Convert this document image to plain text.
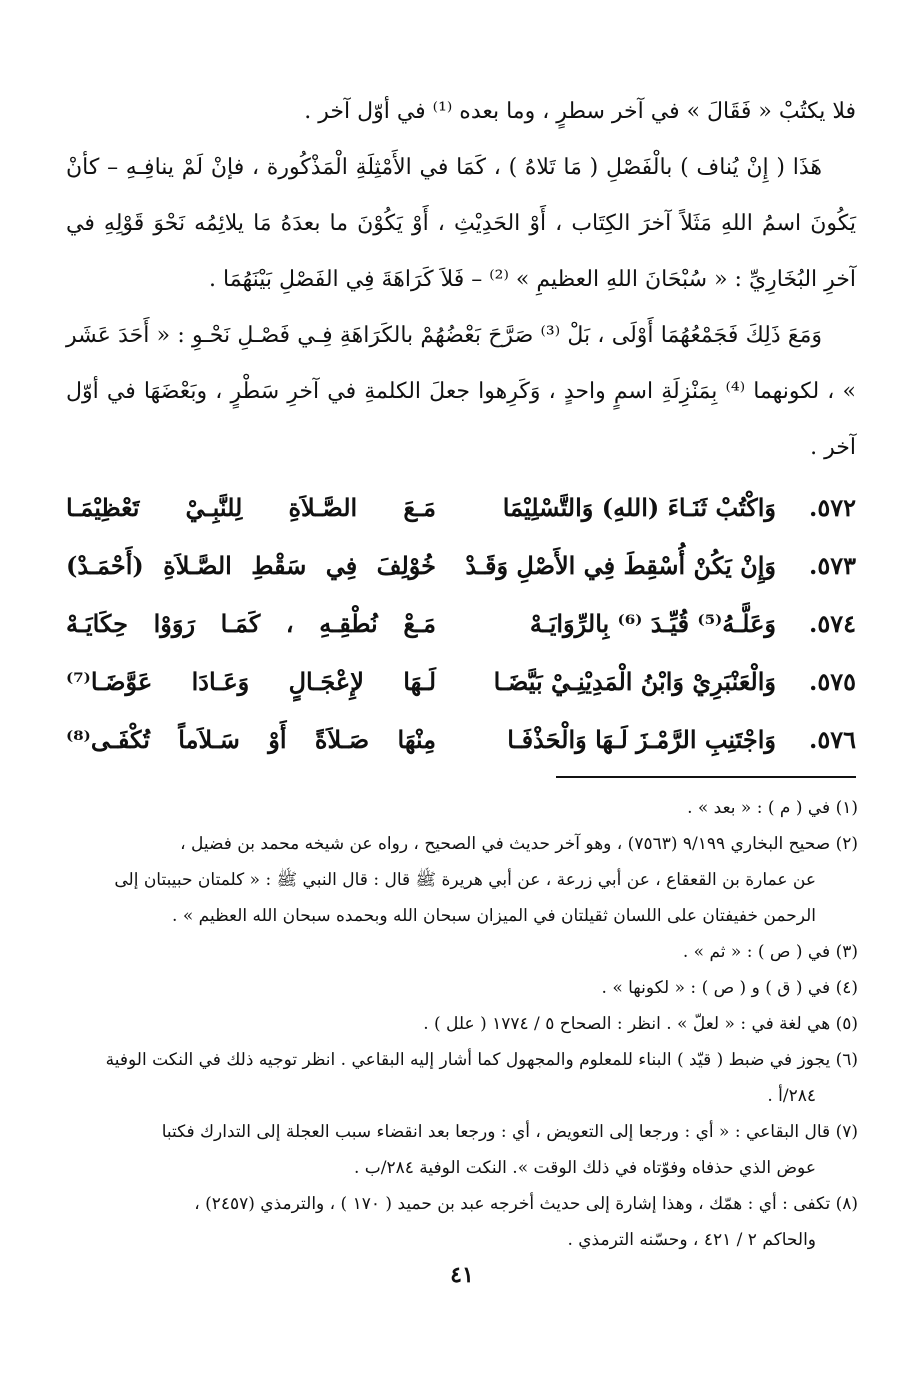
فلا يكتُبْ « فَقَالَ » في آخر سطرٍ ، وما بعده ⁽¹⁾ في أوّل آخر .

هَذَا ( إِنْ يُناف ) بالْفَصْلِ ( مَا تَلاهُ ) ، كَمَا في الأَمْثِلَةِ الْمَذْكُورة ، فإنْ لَمْ ينافِـهِ – كأنْ يَكُونَ اسمُ اللهِ مَثَلاً آخرَ الكِتَاب ، أَوْ الحَدِيْثِ ، أَوْ يَكُوْنَ ما بعدَهُ مَا يلائِمُه نَحْوَ قَوْلِهِ في آخرِ البُخَارِيِّ : « سُبْحَانَ اللهِ العظيمِ » ⁽²⁾ – فَلاَ كَرَاهَةَ فِي الفَصْلِ بَيْنَهُمَا .

وَمَعَ ذَلِكَ فَجَمْعُهُمَا أَوْلَى ، بَلْ ⁽³⁾ صَرَّحَ بَعْضُهُمْ بالكَرَاهَةِ فِـي فَصْـلِ نَحْـوِ : « أَحَدَ عَشَر » ، لكونهما ⁽⁴⁾ بِمَنْزِلَةِ اسمٍ واحدٍ ، وَكَرِهوا جعلَ الكلمةِ في آخرِ سَطْرٍ ، وبَعْضَهَا في أوّل آخر .

٥٧٢.
وَاكْتُبْ ثَنَـاءَ (اللهِ) وَالتَّسْلِيْمَا
مَـعَ الصَّـلاَةِ لِلنَّبِـيْ تَعْظِيْمَـا
٥٧٣.
وَإِنْ يَكُنْ أُسْقِطَ فِي الأَصْلِ وَقَـدْ
خُوْلِفَ فِي سَقْطِ الصَّـلاَةِ (أَحْمَـدْ)
٥٧٤.
وَعَلَّـهُ⁽⁵⁾ قُيِّـدَ ⁽⁶⁾ بِالرِّوَايَـهْ
مَـعْ نُطْقِـهِ ، كَمَـا رَوَوْا حِكَايَـهْ
٥٧٥.
وَالْعَنْبَرِيْ وَابْنُ الْمَدِيْنِـيْ بَيَّضَـا
لَـهَا لإِعْجَـالٍ وَعَـادَا عَوَّضَـا⁽⁷⁾
٥٧٦.
وَاجْتَنِبِ الرَّمْـزَ لَـهَا وَالْحَذْفَـا
مِنْهَا صَـلاَةً أَوْ سَـلاَماً تُكْفَـى⁽⁸⁾

(١) في ( م ) : « بعد » .

(٢) صحيح البخاري ٩/١٩٩ (٧٥٦٣) ، وهو آخر حديث في الصحيح ، رواه عن شيخه محمد بن فضيل ،
عن عمارة بن القعقاع ، عن أبي زرعة ، عن أبي هريرة ﷺ قال : قال النبي ﷺ : « كلمتان حبيبتان إلى
الرحمن خفيفتان على اللسان ثقيلتان في الميزان سبحان الله وبحمده سبحان الله العظيم » .

(٣) في ( ص ) : « ثم » .

(٤) في ( ق ) و ( ص ) : « لكونها » .

(٥) هي لغة في : « لعلّ » . انظر : الصحاح ٥ / ١٧٧٤ ( علل ) .

(٦) يجوز في ضبط ( قيّد ) البناء للمعلوم والمجهول كما أشار إليه البقاعي . انظر توجيه ذلك في النكت الوفية
٢٨٤/أ .

(٧) قال البقاعي : « أي : ورجعا إلى التعويض ، أي : ورجعا بعد انقضاء سبب العجلة إلى التدارك فكتبا
عوض الذي حذفاه وفوّتاه في ذلك الوقت ». النكت الوفية ٢٨٤/ب .

(٨) تكفى : أي : همّك ، وهذا إشارة إلى حديث أخرجه عبد بن حميد ( ١٧٠ ) ، والترمذي (٢٤٥٧) ،
والحاكم ٢ / ٤٢١ ، وحسّنه الترمذي .

٤١
